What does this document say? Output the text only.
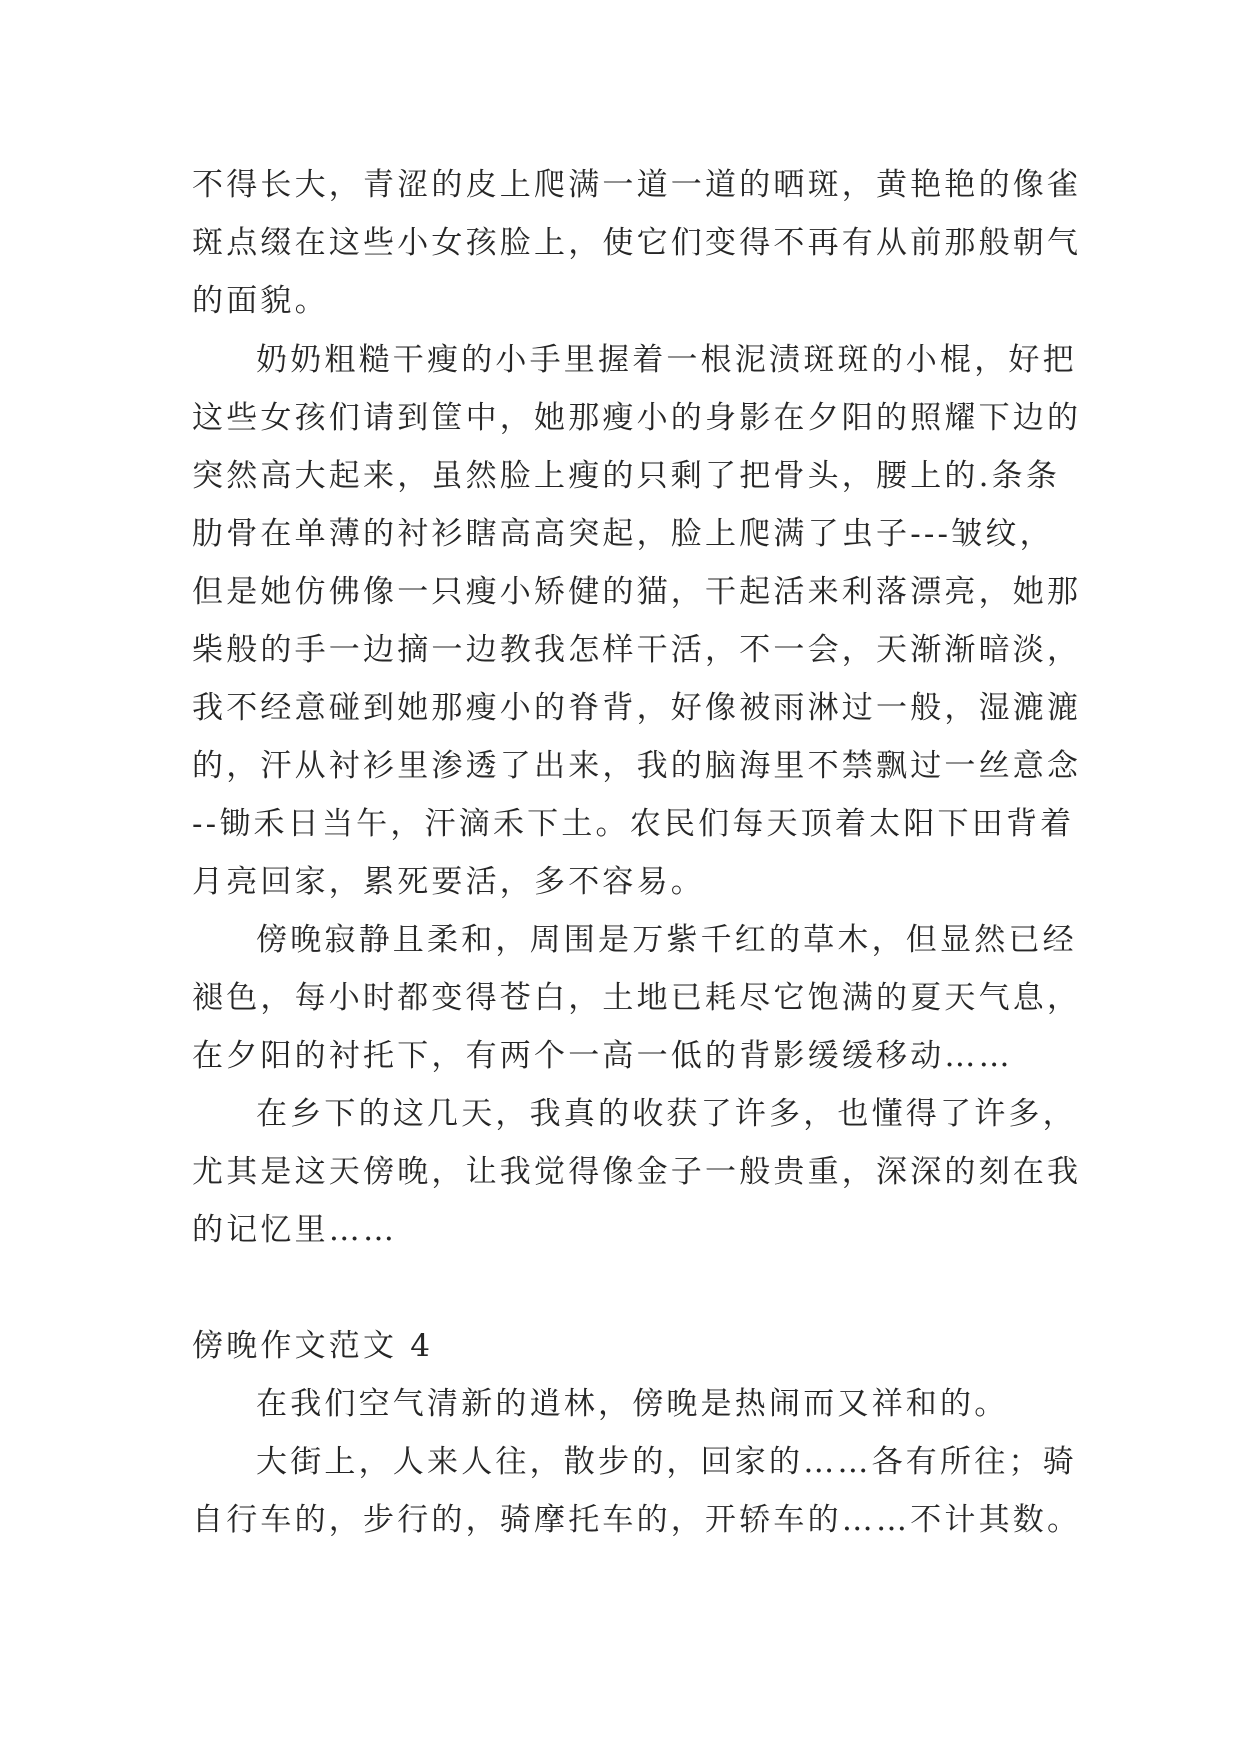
不得长大，青涩的皮上爬满一道一道的晒斑，黄艳艳的像雀
斑点缀在这些小女孩脸上，使它们变得不再有从前那般朝气
的面貌。
奶奶粗糙干瘦的小手里握着一根泥渍斑斑的小棍，好把
这些女孩们请到筐中，她那瘦小的身影在夕阳的照耀下边的
突然高大起来，虽然脸上瘦的只剩了把骨头，腰上的.条条
肋骨在单薄的衬衫瞎高高突起，脸上爬满了虫子---皱纹，
但是她仿佛像一只瘦小矫健的猫，干起活来利落漂亮，她那
柴般的手一边摘一边教我怎样干活，不一会，天渐渐暗淡，
我不经意碰到她那瘦小的脊背，好像被雨淋过一般，湿漉漉
的，汗从衬衫里渗透了出来，我的脑海里不禁飘过一丝意念
--锄禾日当午，汗滴禾下土。农民们每天顶着太阳下田背着
月亮回家，累死要活，多不容易。
傍晚寂静且柔和，周围是万紫千红的草木，但显然已经
褪色，每小时都变得苍白，土地已耗尽它饱满的夏天气息，
在夕阳的衬托下，有两个一高一低的背影缓缓移动……
在乡下的这几天，我真的收获了许多，也懂得了许多，
尤其是这天傍晚，让我觉得像金子一般贵重，深深的刻在我
的记忆里……
傍晚作文范文 4
在我们空气清新的逍林，傍晚是热闹而又祥和的。
大街上，人来人往，散步的，回家的……各有所往；骑
自行车的，步行的，骑摩托车的，开轿车的……不计其数。
